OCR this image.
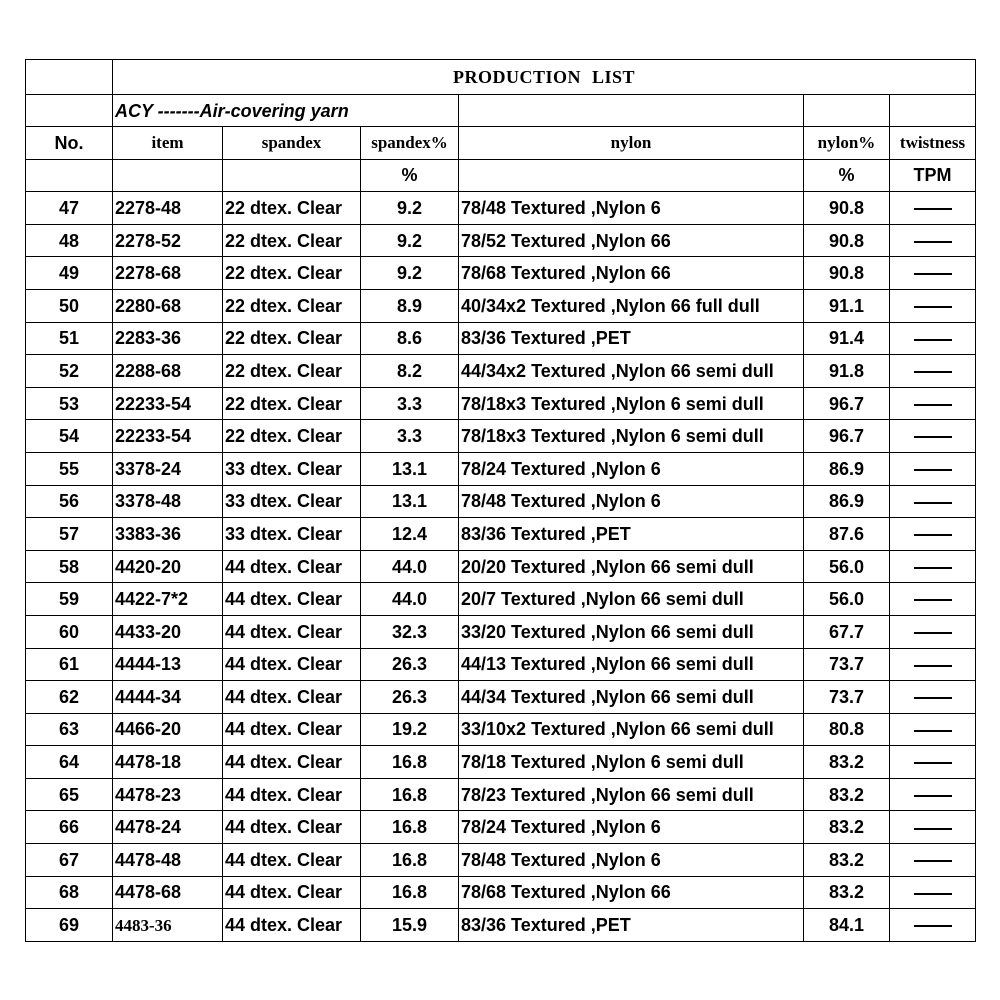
	PRODUCTION LIST					
	ACY -------Air-covering yarn					
No.	item	spandex	spandex%	nylon	nylon%	twistness
			%		%	TPM
47	2278-48	22 dtex. Clear	9.2	78/48 Textured ,Nylon 6	90.8	
48	2278-52	22 dtex. Clear	9.2	78/52 Textured ,Nylon 66	90.8	
49	2278-68	22 dtex. Clear	9.2	78/68 Textured ,Nylon 66	90.8	
50	2280-68	22 dtex. Clear	8.9	40/34x2 Textured ,Nylon 66 full dull	91.1	
51	2283-36	22 dtex. Clear	8.6	83/36 Textured ,PET	91.4	
52	2288-68	22 dtex. Clear	8.2	44/34x2 Textured ,Nylon 66 semi dull	91.8	
53	22233-54	22 dtex. Clear	3.3	78/18x3 Textured ,Nylon 6 semi dull	96.7	
54	22233-54	22 dtex. Clear	3.3	78/18x3 Textured ,Nylon 6 semi dull	96.7	
55	3378-24	33 dtex. Clear	13.1	78/24 Textured ,Nylon 6	86.9	
56	3378-48	33 dtex. Clear	13.1	78/48 Textured ,Nylon 6	86.9	
57	3383-36	33 dtex. Clear	12.4	83/36 Textured ,PET	87.6	
58	4420-20	44 dtex. Clear	44.0	20/20 Textured ,Nylon 66 semi dull	56.0	
59	4422-7*2	44 dtex. Clear	44.0	20/7 Textured ,Nylon 66 semi dull	56.0	
60	4433-20	44 dtex. Clear	32.3	33/20 Textured ,Nylon 66 semi dull	67.7	
61	4444-13	44 dtex. Clear	26.3	44/13 Textured ,Nylon 66 semi dull	73.7	
62	4444-34	44 dtex. Clear	26.3	44/34 Textured ,Nylon 66 semi dull	73.7	
63	4466-20	44 dtex. Clear	19.2	33/10x2 Textured ,Nylon 66 semi dull	80.8	
64	4478-18	44 dtex. Clear	16.8	78/18 Textured ,Nylon 6 semi dull	83.2	
65	4478-23	44 dtex. Clear	16.8	78/23 Textured ,Nylon 66 semi dull	83.2	
66	4478-24	44 dtex. Clear	16.8	78/24 Textured ,Nylon 6	83.2	
67	4478-48	44 dtex. Clear	16.8	78/48 Textured ,Nylon 6	83.2	
68	4478-68	44 dtex. Clear	16.8	78/68 Textured ,Nylon 66	83.2	
69	4483-36	44 dtex. Clear	15.9	83/36 Textured ,PET	84.1	
